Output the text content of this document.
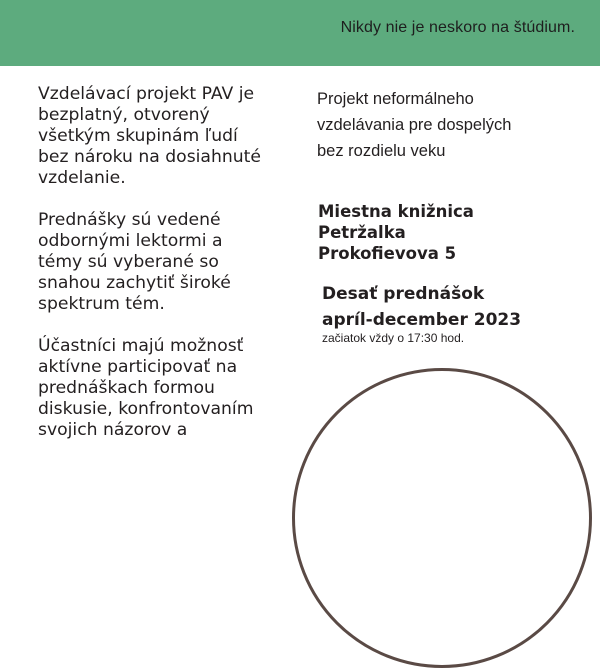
Nikdy nie je neskoro na štúdium.

Vzdelávací projekt PAV je
bezplatný, otvorený
všetkým skupinám ľudí
bez nároku na dosiahnuté
vzdelanie.

Prednášky sú vedené
odbornými lektormi a
témy sú vyberané so
snahou zachytiť široké
spektrum tém.

Účastníci majú možnosť
aktívne participovať na
prednáškach formou
diskusie, konfrontovaním
svojich názorov a

Projekt neformálneho
vzdelávania pre dospelých
bez rozdielu veku

Miestna knižnica
Petržalka
Prokofievova 5
Desať prednášok
apríl-december 2023
začiatok vždy o 17:30 hod.
